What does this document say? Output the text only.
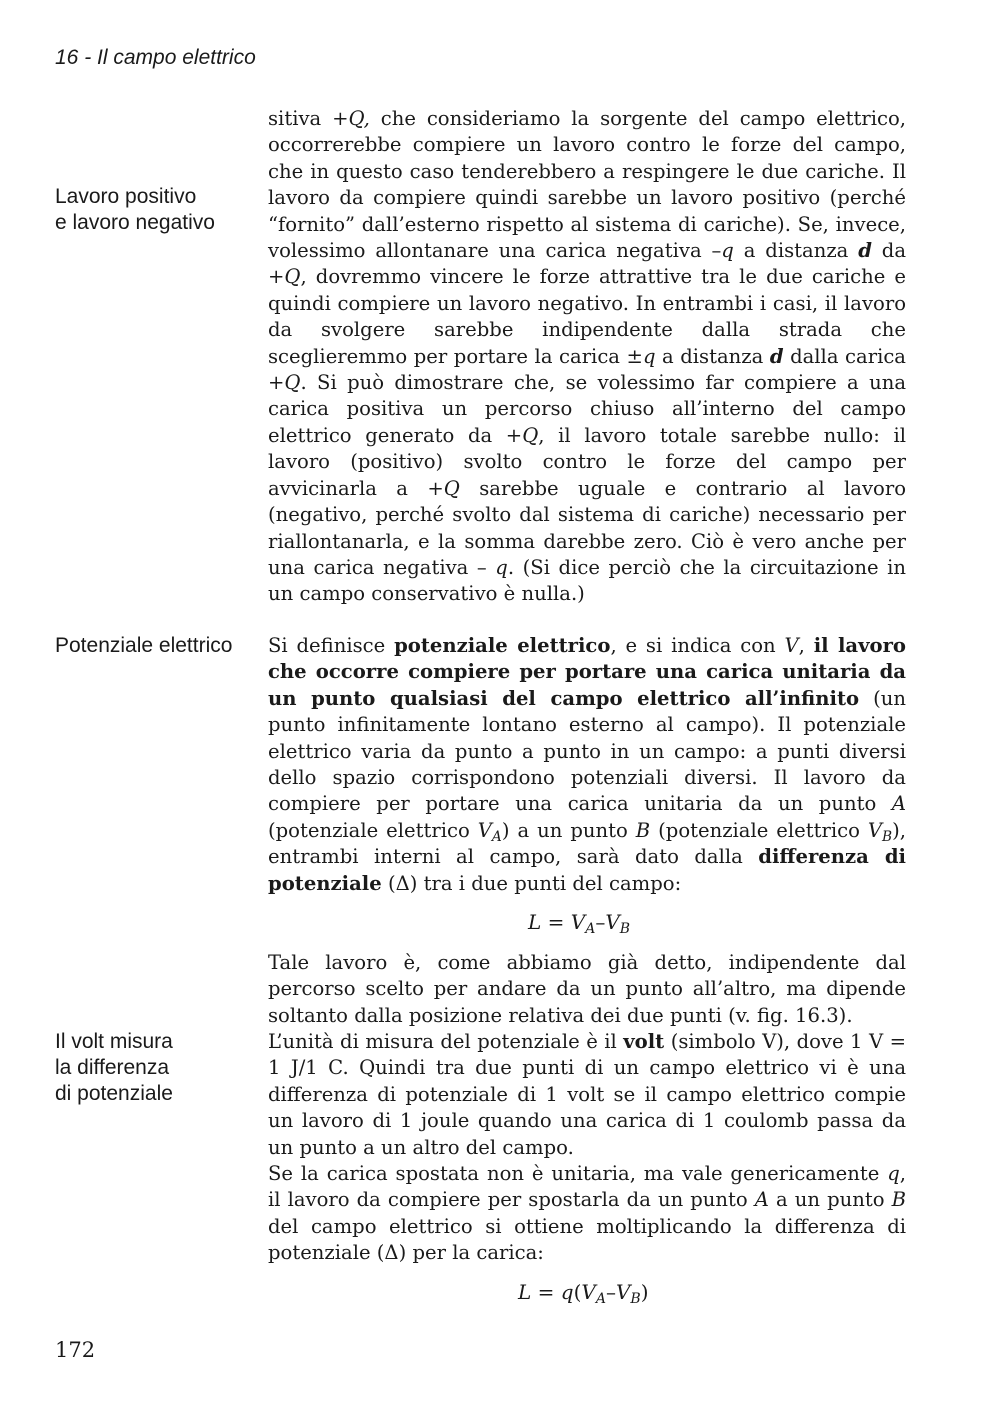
16 - Il campo elettrico
Lavoro positivo
e lavoro negativo
Potenziale elettrico
Il volt misura
la differenza
di potenziale

sitiva +Q, che consideriamo la sorgente del campo elettrico, occorrerebbe compiere un lavoro contro le forze del campo, che in questo caso tenderebbero a respingere le due cariche. Il lavoro da compiere quindi sarebbe un lavoro positivo (perché “fornito” dall’esterno rispetto al sistema di cariche). Se, invece, volessimo allontanare una carica negativa –q a distanza d da +Q, dovremmo vincere le forze attrattive tra le due cariche e quindi compiere un lavoro negativo. In entrambi i casi, il lavoro da svolgere sarebbe indipendente dalla strada che sceglieremmo per portare la carica ±q a distanza d dalla carica +Q. Si può dimostrare che, se volessimo far compiere a una carica positiva un percorso chiuso all’interno del campo elettrico generato da +Q, il lavoro totale sarebbe nullo: il lavoro (positivo) svolto contro le forze del campo per avvicinarla a +Q sarebbe uguale e contrario al lavoro (negativo, perché svolto dal sistema di cariche) necessario per riallontanarla, e la somma darebbe zero. Ciò è vero anche per una carica negativa – q. (Si dice perciò che la circuitazione in un campo conservativo è nulla.)

Si definisce potenziale elettrico, e si indica con V, il lavoro che occorre compiere per portare una carica unitaria da un punto qualsiasi del campo elettrico all’infinito (un punto infinitamente lontano esterno al campo). Il potenziale elettrico varia da punto a punto in un campo: a punti diversi dello spazio corrispondono potenziali diversi. Il lavoro da compiere per portare una carica unitaria da un punto A (potenziale elettrico $V_A$) a un punto B (potenziale elettrico $V_B$), entrambi interni al campo, sarà dato dalla differenza di potenziale (Δ) tra i due punti del campo:

$L = V_A-V_B$

Tale lavoro è, come abbiamo già detto, indipendente dal percorso scelto per andare da un punto all’altro, ma dipende soltanto dalla posizione relativa dei due punti (v. fig. 16.3).

L’unità di misura del potenziale è il volt (simbolo V), dove 1 V = 1 J/1 C. Quindi tra due punti di un campo elettrico vi è una differenza di potenziale di 1 volt se il campo elettrico compie un lavoro di 1 joule quando una carica di 1 coulomb passa da un punto a un altro del campo.

Se la carica spostata non è unitaria, ma vale genericamente q, il lavoro da compiere per spostarla da un punto A a un punto B del campo elettrico si ottiene moltiplicando la differenza di potenziale (Δ) per la carica:

$L = q(V_A-V_B)$
172
